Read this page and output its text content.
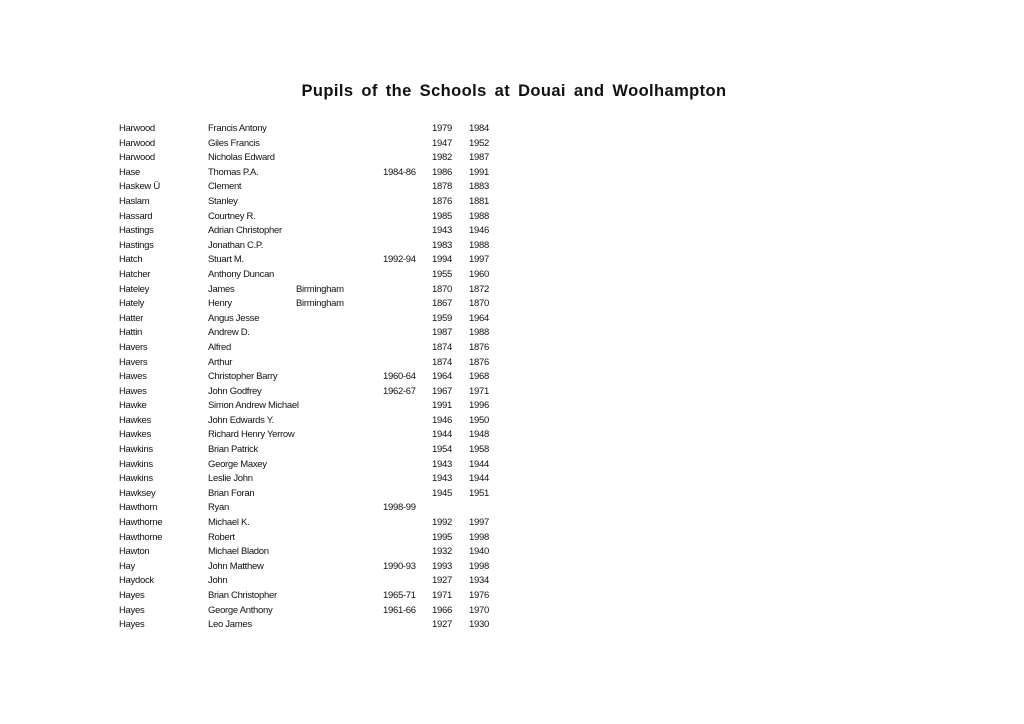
Pupils of the Schools at Douai and Woolhampton
Harwood	Francis Antony	1979 1984
Harwood	Giles Francis	1947 1952
Harwood	Nicholas Edward	1982 1987
Hase	Thomas P.A.	1984-86 1986 1991
Haskew Ü	Clement	1878 1883
Haslam	Stanley	1876 1881
Hassard	Courtney R.	1985 1988
Hastings	Adrian Christopher	1943 1946
Hastings	Jonathan C.P.	1983 1988
Hatch	Stuart M.	1992-94 1994 1997
Hatcher	Anthony Duncan	1955 1960
Hateley	James	Birmingham	1870 1872
Hately	Henry	Birmingham	1867 1870
Hatter	Angus Jesse	1959 1964
Hattin	Andrew D.	1987 1988
Havers	Alfred	1874 1876
Havers	Arthur	1874 1876
Hawes	Christopher Barry	1960-64 1964 1968
Hawes	John Godfrey	1962-67 1967 1971
Hawke	Simon Andrew Michael	1991 1996
Hawkes	John Edwards Y.	1946 1950
Hawkes	Richard Henry Yerrow	1944 1948
Hawkins	Brian Patrick	1954 1958
Hawkins	George Maxey	1943 1944
Hawkins	Leslie John	1943 1944
Hawksey	Brian Foran	1945 1951
Hawthorn	Ryan	1998-99
Hawthorne	Michael K.	1992 1997
Hawthorne	Robert	1995 1998
Hawton	Michael Bladon	1932 1940
Hay	John Matthew	1990-93 1993 1998
Haydock	John	1927 1934
Hayes	Brian Christopher	1965-71 1971 1976
Hayes	George Anthony	1961-66 1966 1970
Hayes	Leo James	1927 1930
